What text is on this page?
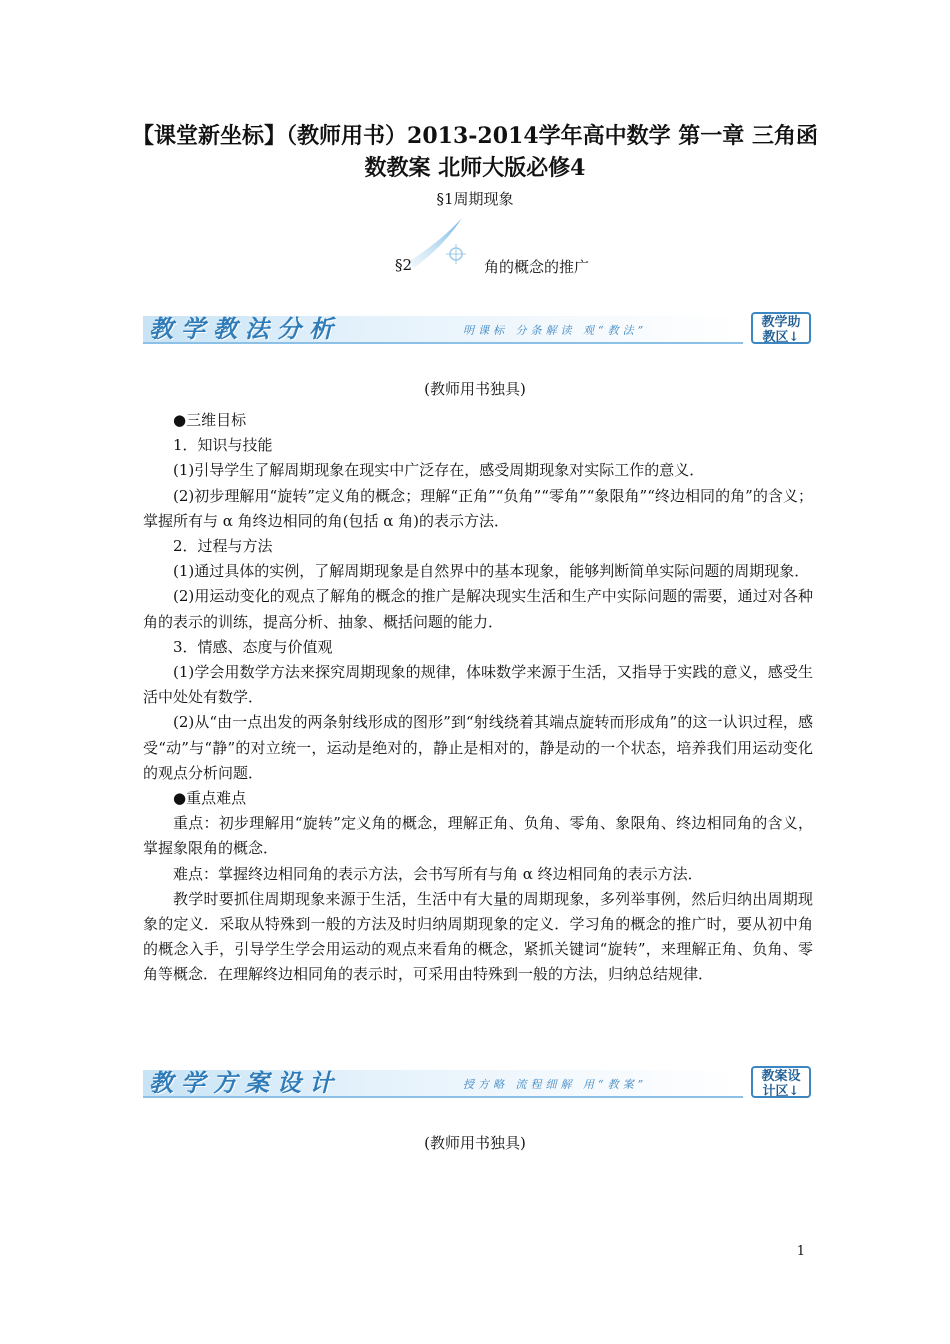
【课堂新坐标】（教师用书）2013-2014学年高中数学 第一章 三角函
数教案 北师大版必修4
§1周期现象
§2	角的概念的推广
教学教法分析	明课标 分条解读 观“教法”
教学助
教区↓
(教师用书独具)

●三维目标

1．知识与技能

(1)引导学生了解周期现象在现实中广泛存在，感受周期现象对实际工作的意义．

(2)初步理解用“旋转”定义角的概念；理解“正角”“负角”“零角”“象限角”“终边相同的角”的含义；掌握所有与 α 角终边相同的角(包括 α 角)的表示方法．

2．过程与方法

(1)通过具体的实例，了解周期现象是自然界中的基本现象，能够判断简单实际问题的周期现象．

(2)用运动变化的观点了解角的概念的推广是解决现实生活和生产中实际问题的需要，通过对各种角的表示的训练，提高分析、抽象、概括问题的能力．

3．情感、态度与价值观

(1)学会用数学方法来探究周期现象的规律，体味数学来源于生活，又指导于实践的意义，感受生活中处处有数学．

(2)从“由一点出发的两条射线形成的图形”到“射线绕着其端点旋转而形成角”的这一认识过程，感受“动”与“静”的对立统一，运动是绝对的，静止是相对的，静是动的一个状态，培养我们用运动变化的观点分析问题．

●重点难点

重点：初步理解用“旋转”定义角的概念，理解正角、负角、零角、象限角、终边相同角的含义，掌握象限角的概念．

难点：掌握终边相同角的表示方法，会书写所有与角 α 终边相同角的表示方法．

教学时要抓住周期现象来源于生活，生活中有大量的周期现象，多列举事例，然后归纳出周期现象的定义．采取从特殊到一般的方法及时归纳周期现象的定义．学习角的概念的推广时，要从初中角的概念入手，引导学生学会用运动的观点来看角的概念，紧抓关键词“旋转”，来理解正角、负角、零角等概念．在理解终边相同角的表示时，可采用由特殊到一般的方法，归纳总结规律．

教学方案设计	授方略 流程细解 用“教案”
教案设
计区↓
(教师用书独具)
1
